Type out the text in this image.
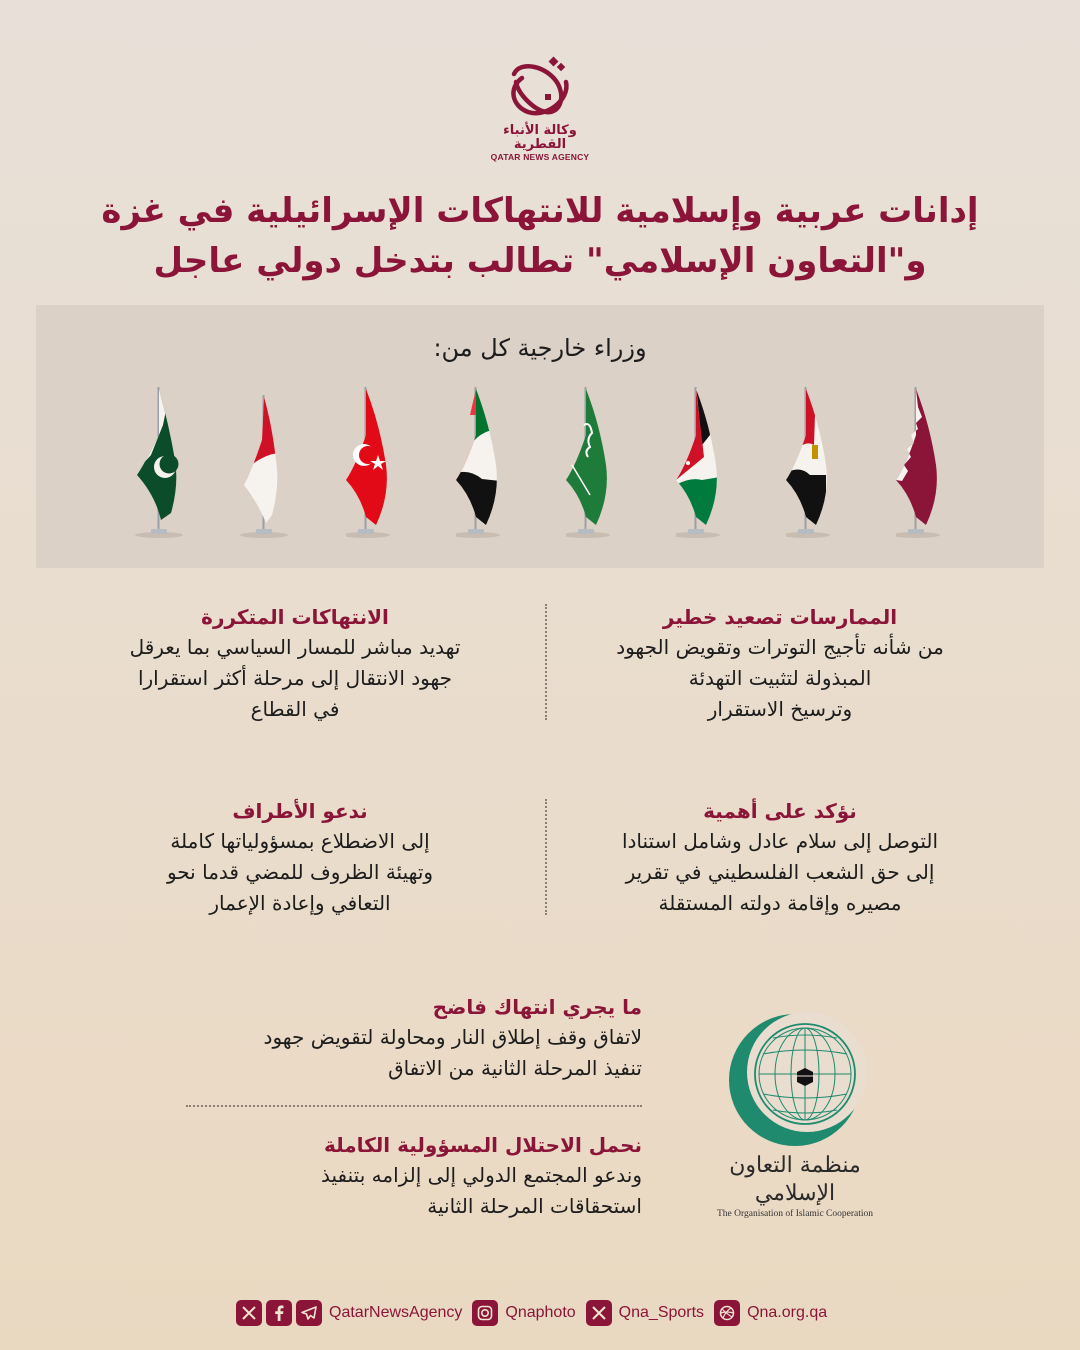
وكالة الأنباء القطرية
QATAR NEWS AGENCY
إدانات عربية وإسلامية للانتهاكات الإسرائيلية في غزة
و"التعاون الإسلامي" تطالب بتدخل دولي عاجل
وزراء خارجية كل من:
الممارسات تصعيد خطير
من شأنه تأجيج التوترات وتقويض الجهود
المبذولة لتثبيت التهدئة
وترسيخ الاستقرار
الانتهاكات المتكررة
تهديد مباشر للمسار السياسي بما يعرقل
جهود الانتقال إلى مرحلة أكثر استقرارا
في القطاع
نؤكد على أهمية
التوصل إلى سلام عادل وشامل استنادا
إلى حق الشعب الفلسطيني في تقرير
مصيره وإقامة دولته المستقلة
ندعو الأطراف
إلى الاضطلاع بمسؤولياتها كاملة
وتهيئة الظروف للمضي قدما نحو
التعافي وإعادة الإعمار
ما يجري انتهاك فاضح
لاتفاق وقف إطلاق النار ومحاولة لتقويض جهود
تنفيذ المرحلة الثانية من الاتفاق
نحمل الاحتلال المسؤولية الكاملة
وندعو المجتمع الدولي إلى إلزامه بتنفيذ
استحقاقات المرحلة الثانية
منظمة التعاون الإسلامي
The Organisation of Islamic Cooperation
QatarNewsAgency	Qnaphoto	Qna_Sports	Qna.org.qa
